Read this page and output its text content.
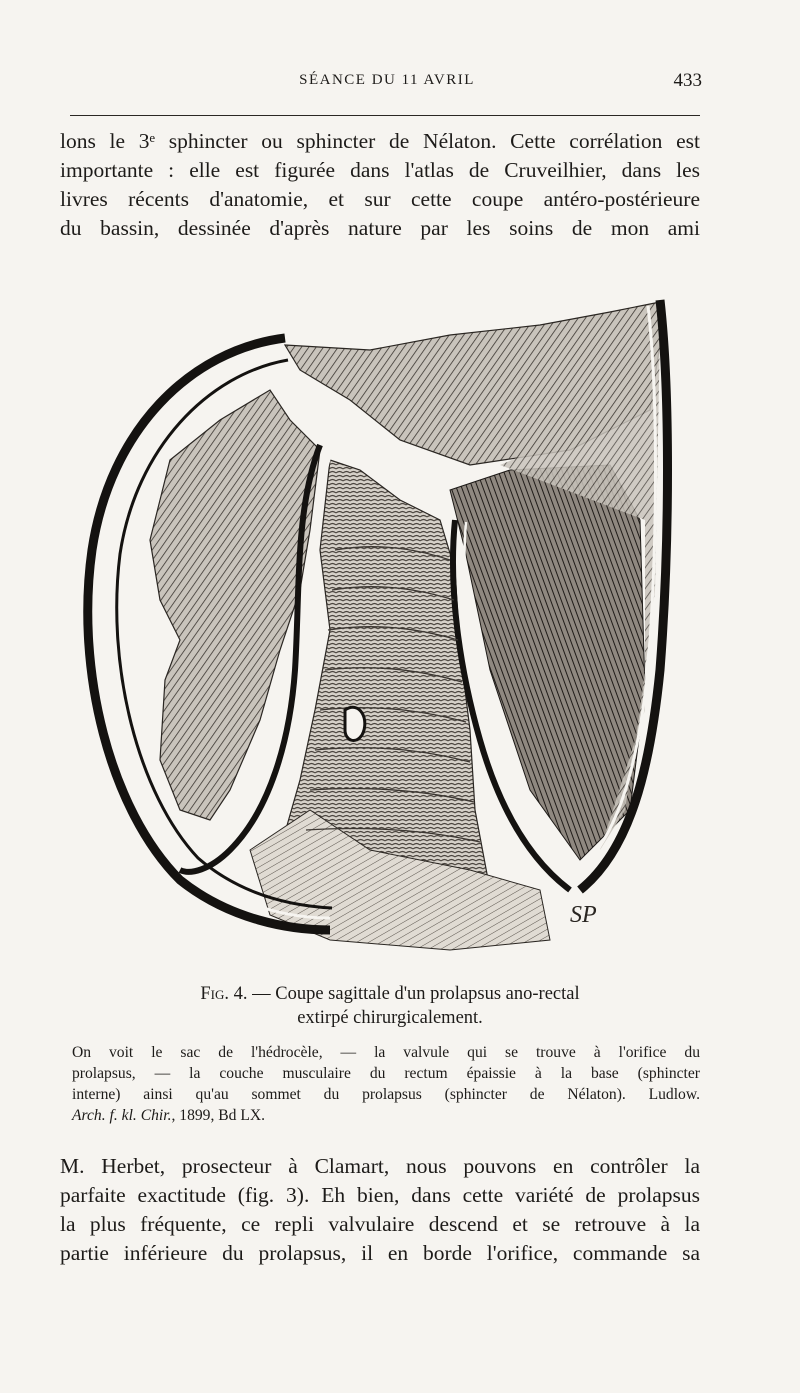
SÉANCE DU 11 AVRIL	433
lons le 3ᵉ sphincter ou sphincter de Nélaton. Cette corrélation est
importante : elle est figurée dans l'atlas de Cruveilhier, dans les
livres récents d'anatomie, et sur cette coupe antéro-postérieure
du bassin, dessinée d'après nature par les soins de mon ami
SP

Fig. 4. — Coupe sagittale d'un prolapsus ano-rectal
extirpé chirurgicalement.

On voit le sac de l'hédrocèle, — la valvule qui se trouve à l'orifice du
prolapsus, — la couche musculaire du rectum épaissie à la base (sphincter
interne) ainsi qu'au sommet du prolapsus (sphincter de Nélaton). Ludlow.
Arch. f. kl. Chir., 1899, Bd LX.
M. Herbet, prosecteur à Clamart, nous pouvons en contrôler la
parfaite exactitude (fig. 3). Eh bien, dans cette variété de prolapsus
la plus fréquente, ce repli valvulaire descend et se retrouve à la
partie inférieure du prolapsus, il en borde l'orifice, commande sa
